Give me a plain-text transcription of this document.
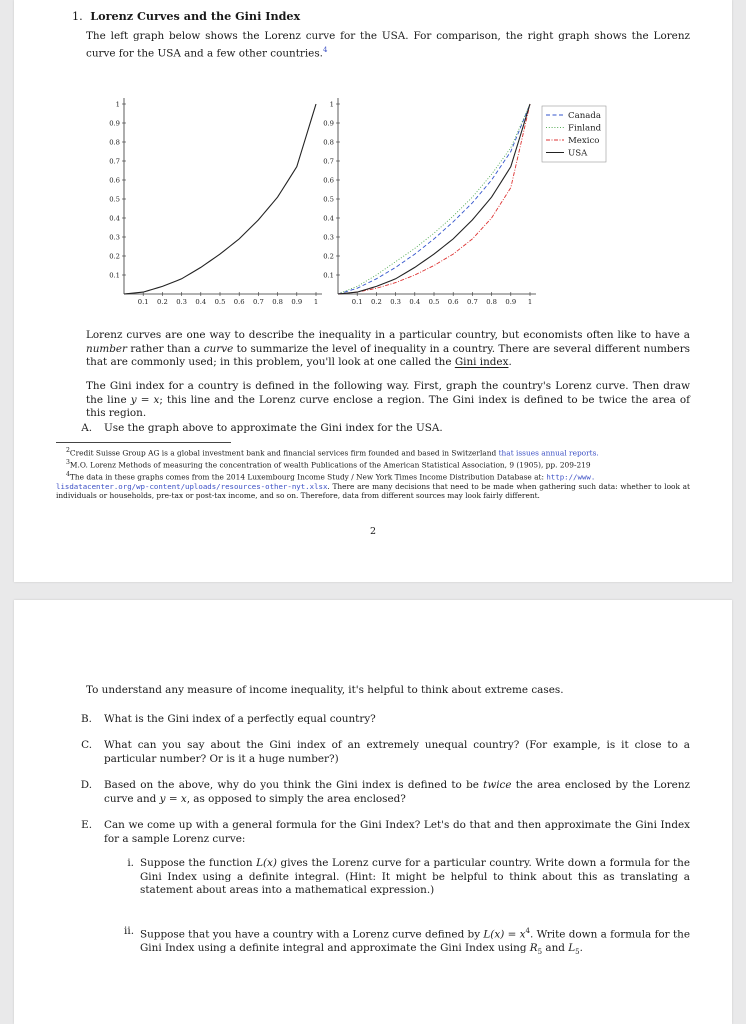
1. Lorenz Curves and the Gini Index
The left graph below shows the Lorenz curve for the USA. For comparison, the right graph shows the Lorenz curve for the USA and a few other countries.$^4$
0.1 0.2 0.3 0.4 0.5 0.6 0.7 0.8 0.9 1
0.1
0.2
0.3
0.4
0.5
0.6
0.7
0.8
0.9
1
0.1 0.2 0.3 0.4 0.5 0.6 0.7 0.8 0.9 1
0.1
0.2
0.3
0.4
0.5
0.6
0.7
0.8
0.9
1
Canada
Finland
Mexico
USA
Lorenz curves are one way to describe the inequality in a particular country, but economists often like to have a number rather than a curve to summarize the level of inequality in a country. There are several different numbers that are commonly used; in this problem, you'll look at one called the Gini index.
The Gini index for a country is defined in the following way. First, graph the country's Lorenz curve. Then draw the line y = x; this line and the Lorenz curve enclose a region. The Gini index is defined to be twice the area of this region.
A. Use the graph above to approximate the Gini index for the USA.
$^2$Credit Suisse Group AG is a global investment bank and financial services firm founded and based in Switzerland that issues annual reports.
$^3$M.O. Lorenz Methods of measuring the concentration of wealth Publications of the American Statistical Association, 9 (1905), pp. 209-219
$^4$The data in these graphs comes from the 2014 Luxembourg Income Study / New York Times Income Distribution Database at: http://www.
lisdatacenter.org/wp-content/uploads/resources-other-nyt.xlsx. There are many decisions that need to be made when gathering such data: whether to look at individuals or households, pre-tax or post-tax income, and so on. Therefore, data from different sources may look fairly different.
2
To understand any measure of income inequality, it's helpful to think about extreme cases.
B. What is the Gini index of a perfectly equal country?
C. What can you say about the Gini index of an extremely unequal country? (For example, is it close to a particular number? Or is it a huge number?)
D. Based on the above, why do you think the Gini index is defined to be twice the area enclosed by the Lorenz curve and y = x, as opposed to simply the area enclosed?
E. Can we come up with a general formula for the Gini Index? Let's do that and then approximate the Gini Index for a sample Lorenz curve:
i. Suppose the function L(x) gives the Lorenz curve for a particular country. Write down a formula for the Gini Index using a definite integral. (Hint: It might be helpful to think about this as translating a statement about areas into a mathematical expression.)
ii. Suppose that you have a country with a Lorenz curve defined by $L(x) = x^4$. Write down a formula for the Gini Index using a definite integral and approximate the Gini Index using $R_5$ and $L_5$.
